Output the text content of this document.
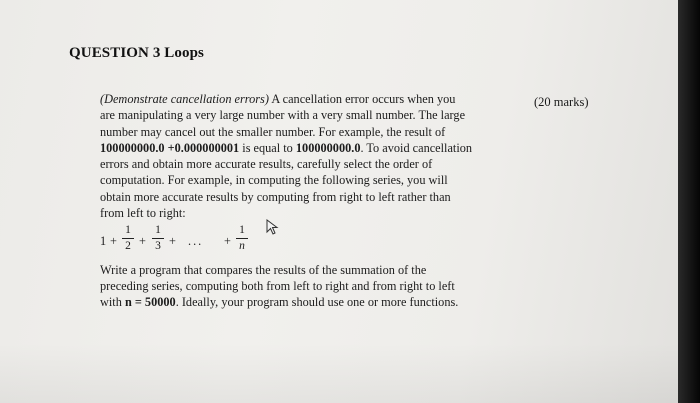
QUESTION 3 Loops
(20 marks)
(Demonstrate cancellation errors) A cancellation error occurs when you
are manipulating a very large number with a very small number. The large
number may cancel out the smaller number. For example, the result of
100000000.0 +0.000000001 is equal to 100000000.0. To avoid cancellation
errors and obtain more accurate results, carefully select the order of
computation. For example, in computing the following series, you will
obtain more accurate results by computing from right to left rather than
from left to right:
1 +
1
2 +
1
3 + ... +
1
n
Write a program that compares the results of the summation of the
preceding series, computing both from left to right and from right to left
with n = 50000. Ideally, your program should use one or more functions.
